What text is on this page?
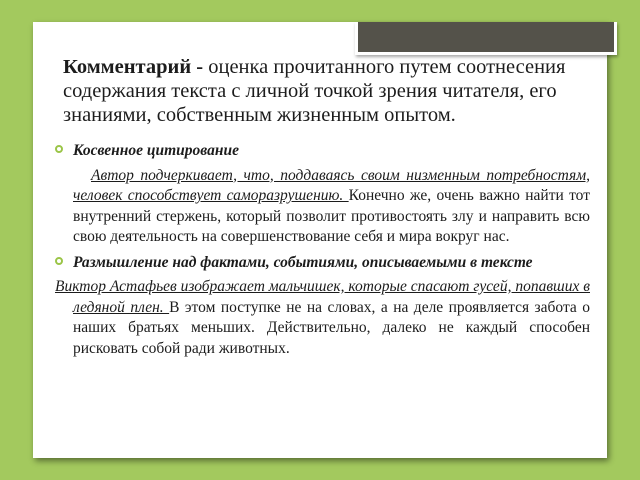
Комментарий - оценка прочитанного путем соотнесения содержания текста с личной точкой зрения читателя, его знаниями, собственным жизненным опытом.

Косвенное цитирование
Автор подчеркивает, что, поддаваясь своим низменным потребностям, человек способствует саморазрушению. Конечно же, очень важно найти тот внутренний стержень, который позволит противостоять злу и направить всю свою деятельность на совершенствование себя и мира вокруг нас.
Размышление над фактами, событиями, описываемыми в тексте
Виктор Астафьев изображает мальчишек, которые спасают гусей, попавших в ледяной плен. В этом поступке не на словах, а на деле проявляется забота о наших братьях меньших. Действительно, далеко не каждый способен рисковать собой ради животных.
